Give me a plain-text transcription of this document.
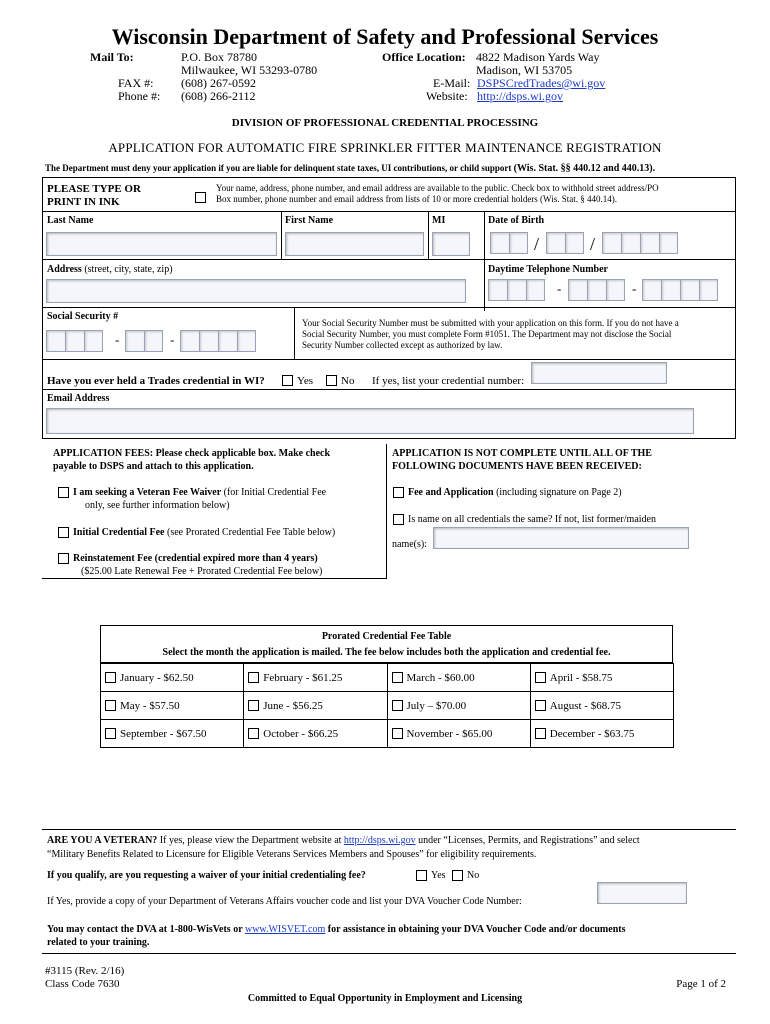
Wisconsin Department of Safety and Professional Services
Mail To:	P.O. Box 78780
Milwaukee, WI 53293-0780
FAX #: (608) 267-0592
Phone #: (608) 266-2112
Office Location: 4822 Madison Yards Way
Madison, WI 53705
E-Mail: DSPSCredTrades@wi.gov
Website: http://dsps.wi.gov
DIVISION OF PROFESSIONAL CREDENTIAL PROCESSING
APPLICATION FOR AUTOMATIC FIRE SPRINKLER FITTER MAINTENANCE REGISTRATION
The Department must deny your application if you are liable for delinquent state taxes, UI contributions, or child support (Wis. Stat. §§ 440.12 and 440.13).
PLEASE TYPE OR
PRINT IN INK
Your name, address, phone number, and email address are available to the public. Check box to withhold street address/PO
Box number, phone number and email address from lists of 10 or more credential holders (Wis. Stat. § 440.14).
Last Name	First Name	MI	Date of Birth
/	/
Address (street, city, state, zip)	Daytime Telephone Number
-	-
Social Security #
-	-
Your Social Security Number must be submitted with your application on this form. If you do not have a
Social Security Number, you must complete Form #1051. The Department may not disclose the Social
Security Number collected except as authorized by law.
Have you ever held a Trades credential in WI?	Yes	No If yes, list your credential number:
Email Address
APPLICATION FEES: Please check applicable box. Make check
payable to DSPS and attach to this application.
I am seeking a Veteran Fee Waiver (for Initial Credential Fee
only, see further information below)
Initial Credential Fee (see Prorated Credential Fee Table below)
Reinstatement Fee (credential expired more than 4 years)
($25.00 Late Renewal Fee + Prorated Credential Fee below)
APPLICATION IS NOT COMPLETE UNTIL ALL OF THE
FOLLOWING DOCUMENTS HAVE BEEN RECEIVED:
Fee and Application (including signature on Page 2)
Is name on all credentials the same? If not, list former/maiden
name(s):
Prorated Credential Fee Table
Select the month the application is mailed. The fee below includes both the application and credential fee.
January - $62.50	February - $61.25	March - $60.00	April - $58.75
May - $57.50	June - $56.25	July – $70.00	August - $68.75
September - $67.50	October - $66.25	November - $65.00	December - $63.75
ARE YOU A VETERAN? If yes, please view the Department website at http://dsps.wi.gov under “Licenses, Permits, and Registrations” and select
“Military Benefits Related to Licensure for Eligible Veterans Services Members and Spouses” for eligibility requirements.
If you qualify, are you requesting a waiver of your initial credentialing fee?	Yes No
If Yes, provide a copy of your Department of Veterans Affairs voucher code and list your DVA Voucher Code Number:
You may contact the DVA at 1-800-WisVets or www.WISVET.com for assistance in obtaining your DVA Voucher Code and/or documents
related to your training.
#3115 (Rev. 2/16)
Class Code 7630	Page 1 of 2
Committed to Equal Opportunity in Employment and Licensing
